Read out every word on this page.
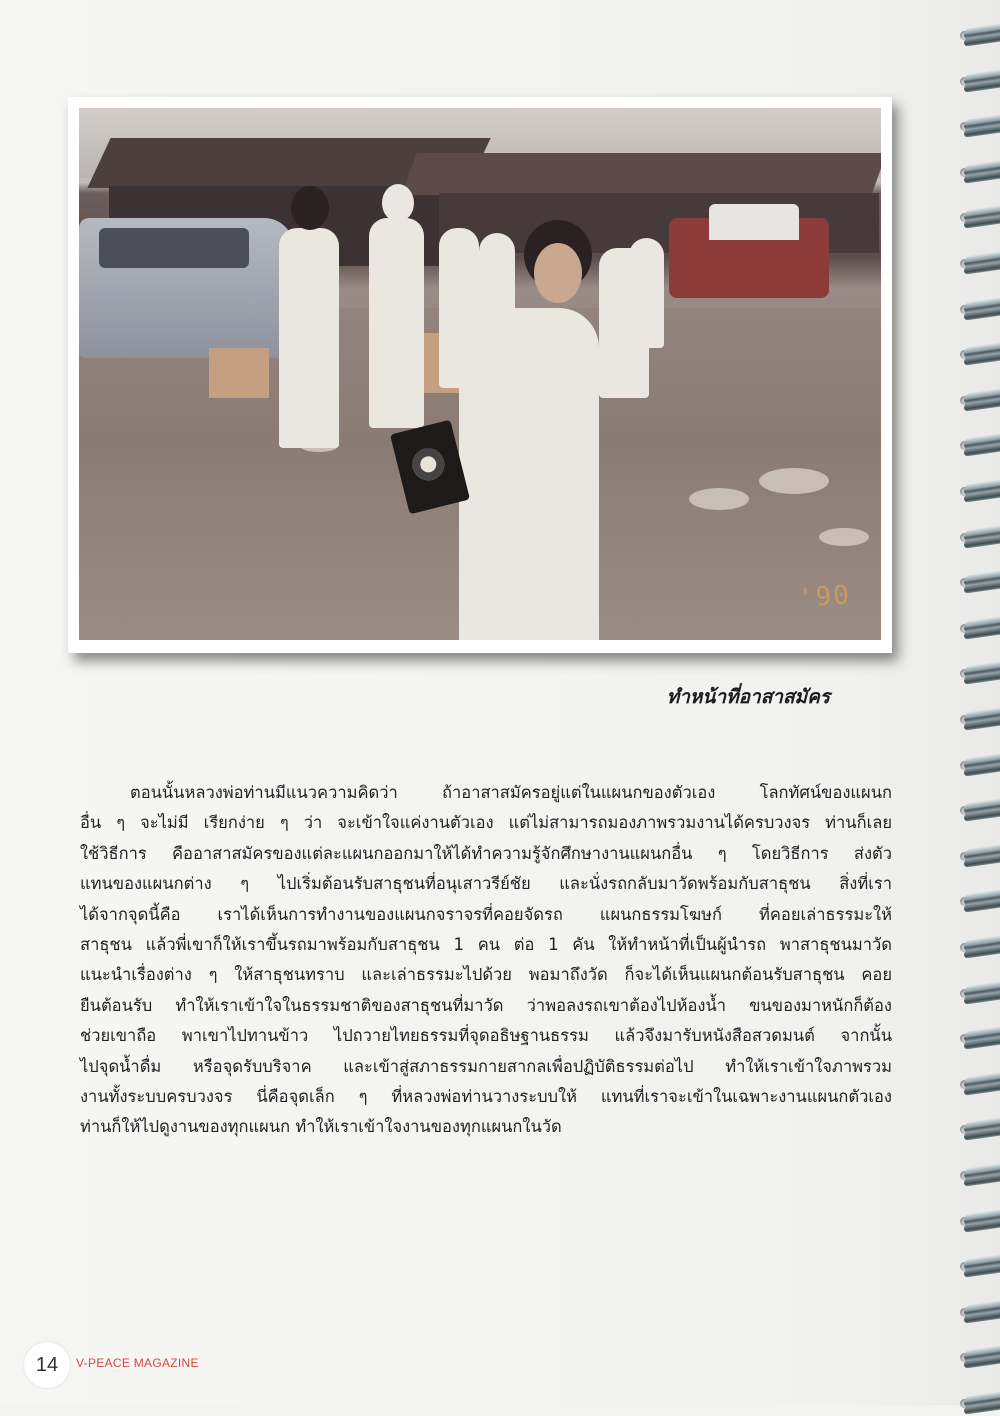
'90
ทำหน้าที่อาสาสมัคร
ตอนนั้นหลวงพ่อท่านมีแนวความคิดว่า ถ้าอาสาสมัครอยู่แต่ในแผนกของตัวเอง โลกทัศน์ของแผนก
อื่น ๆ จะไม่มี เรียกง่าย ๆ ว่า จะเข้าใจแค่งานตัวเอง แต่ไม่สามารถมองภาพรวมงานได้ครบวงจร ท่านก็เลย
ใช้วิธีการ คือ​อาสาสมัครของแต่ละแผนกออกมาให้ได้ทำความรู้จักศึกษางานแผนกอื่น ๆ โดยวิธีการ ส่งตัว
แทนของแผนกต่าง ๆ ไปเริ่มต้อนรับสาธุชนที่อนุเสาวรีย์ชัย และนั่งรถกลับมาวัดพร้อมกับสาธุชน สิ่งที่เรา
ได้จากจุดนี้คือ เราได้เห็นการทำงานของแผนกจราจรที่คอยจัดรถ แผนกธรรมโฆษก์ ที่คอยเล่าธรรมะให้
สาธุชน แล้วพี่เขาก็ให้เราขึ้นรถมาพร้อมกับสาธุชน 1 คน ต่อ 1 คัน ให้ทำหน้าที่เป็นผู้นำรถ พาสาธุชนมาวัด
แนะนำเรื่องต่าง ๆ ให้สาธุชนทราบ และเล่าธรรมะไปด้วย พอมาถึงวัด ก็จะได้เห็นแผนกต้อนรับสาธุชน คอย
ยืนต้อนรับ ทำให้เราเข้าใจในธรรมชาติของสาธุชนที่มาวัด ว่าพอลงรถเขาต้องไปห้องน้ำ ขนของมาหนักก็ต้อง
ช่วยเขาถือ พาเขาไปทานข้าว ไปถวายไทยธรรมที่จุดอธิษฐานธรรม แล้วจึงมารับหนังสือสวดมนต์ จากนั้น
ไปจุดน้ำดื่ม หรือจุดรับบริจาค และเข้าสู่สภาธรรมกายสากลเพื่อปฏิบัติธรรมต่อไป ทำให้เราเข้าใจภาพรวม
งานทั้งระบบครบวงจร นี่คือจุดเล็ก ๆ ที่หลวงพ่อท่านวางระบบให้ แทนที่เราจะเข้าในเฉพาะงานแผนกตัวเอง
ท่านก็ให้ไปดูงานของทุกแผนก ทำให้เราเข้าใจงานของทุกแผนกในวัด
14	V-PEACE MAGAZINE
